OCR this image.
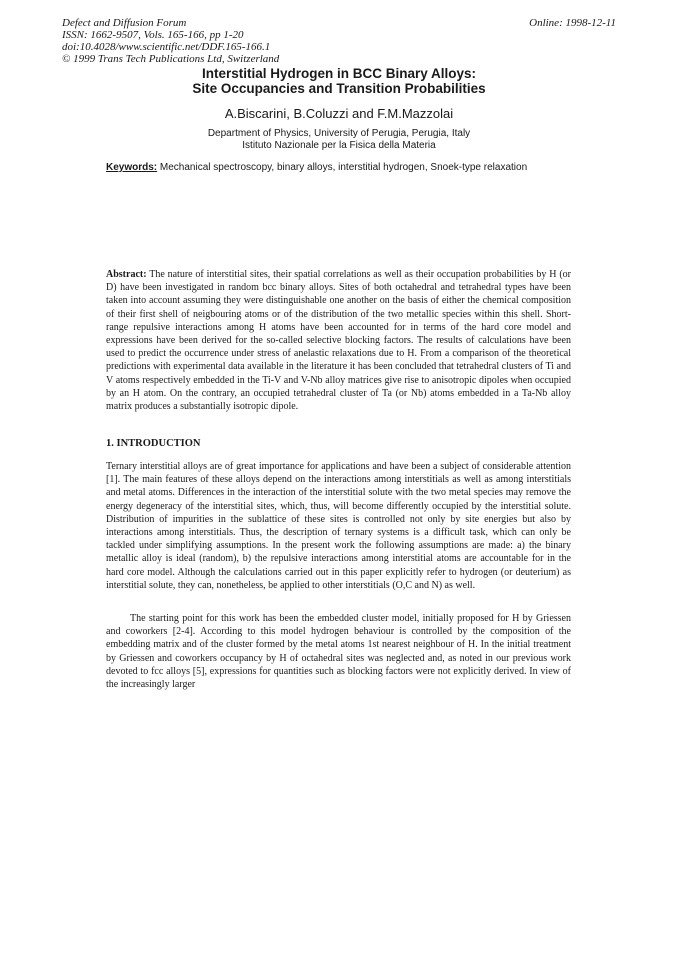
Defect and Diffusion Forum
ISSN: 1662-9507, Vols. 165-166, pp 1-20
doi:10.4028/www.scientific.net/DDF.165-166.1
© 1999 Trans Tech Publications Ltd, Switzerland
Online: 1998-12-11
Interstitial Hydrogen in BCC Binary Alloys:
Site Occupancies and Transition Probabilities
A.Biscarini, B.Coluzzi and F.M.Mazzolai
Department of Physics, University of Perugia, Perugia, Italy
Istituto Nazionale per la Fisica della Materia
Keywords: Mechanical spectroscopy, binary alloys, interstitial hydrogen, Snoek-type relaxation
Abstract: The nature of interstitial sites, their spatial correlations as well as their occupation probabilities by H (or D) have been investigated in random bcc binary alloys. Sites of both octahedral and tetrahedral types have been taken into account assuming they were distinguishable one another on the basis of either the chemical composition of their first shell of neigbouring atoms or of the distribution of the two metallic species within this shell. Short-range repulsive interactions among H atoms have been accounted for in terms of the hard core model and expressions have been derived for the so-called selective blocking factors. The results of calculations have been used to predict the occurrence under stress of anelastic relaxations due to H. From a comparison of the theoretical predictions with experimental data available in the literature it has been concluded that tetrahedral clusters of Ti and V atoms respectively embedded in the Ti-V and V-Nb alloy matrices give rise to anisotropic dipoles when occupied by an H atom. On the contrary, an occupied tetrahedral cluster of Ta (or Nb) atoms embedded in a Ta-Nb alloy matrix produces a substantially isotropic dipole.
1. INTRODUCTION

Ternary interstitial alloys are of great importance for applications and have been a subject of considerable attention [1]. The main features of these alloys depend on the interactions among interstitials as well as among interstitials and metal atoms. Differences in the interaction of the interstitial solute with the two metal species may remove the energy degeneracy of the interstitial sites, which, thus, will become differently occupied by the interstitial solute. Distribution of impurities in the sublattice of these sites is controlled not only by site energies but also by interactions among interstitials. Thus, the description of ternary systems is a difficult task, which can only be tackled under simplifying assumptions. In the present work the following assumptions are made: a) the binary metallic alloy is ideal (random), b) the repulsive interactions among interstitial atoms are accountable for in the hard core model. Although the calculations carried out in this paper explicitly refer to hydrogen (or deuterium) as interstitial solute, they can, nonetheless, be applied to other interstitials (O,C and N) as well.

The starting point for this work has been the embedded cluster model, initially proposed for H by Griessen and coworkers [2-4]. According to this model hydrogen behaviour is controlled by the composition of the embedding matrix and of the cluster formed by the metal atoms 1st nearest neighbour of H. In the initial treatment by Griessen and coworkers occupancy by H of octahedral sites was neglected and, as noted in our previous work devoted to fcc alloys [5], expressions for quantities such as blocking factors were not explicitly derived. In view of the increasingly larger
